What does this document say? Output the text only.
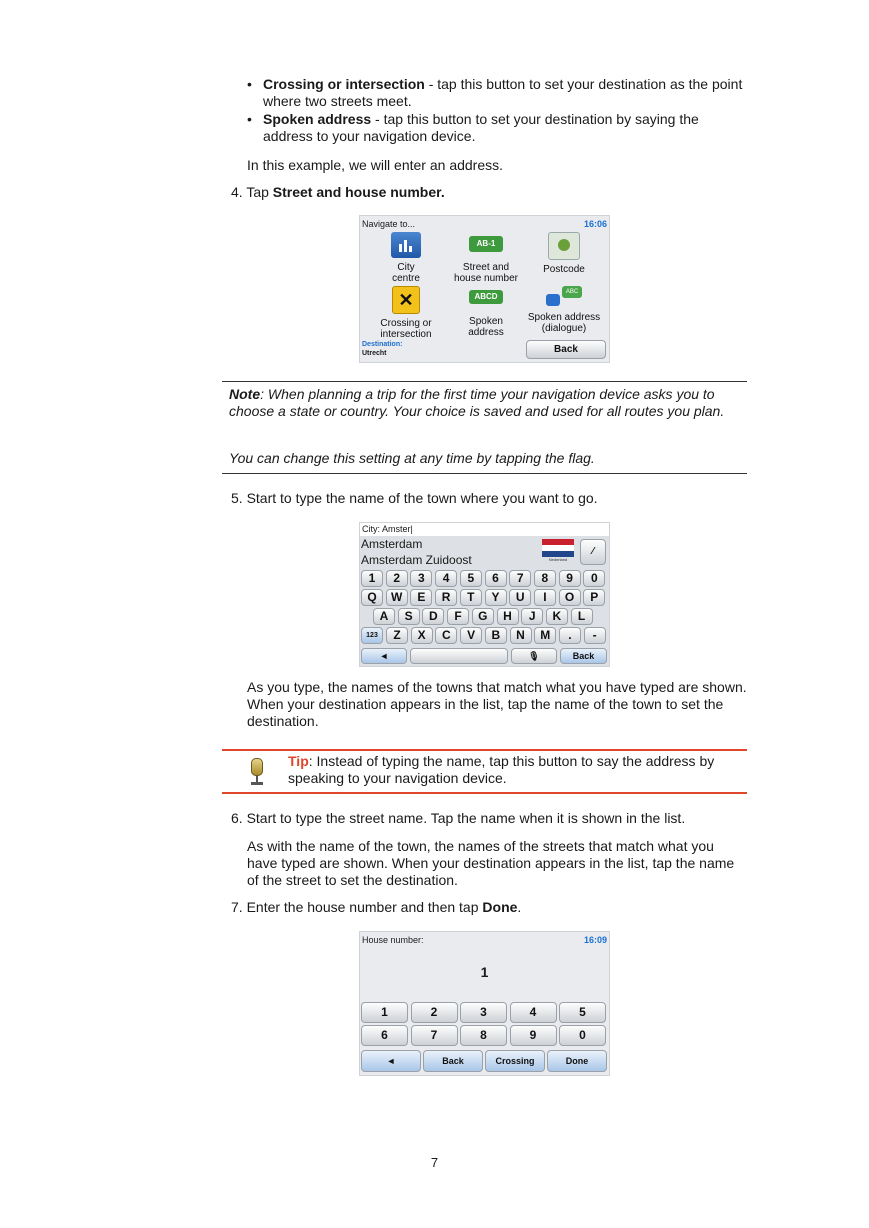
• Crossing or intersection - tap this button to set your destination as the point where two streets meet.
• Spoken address - tap this button to set your destination by saying the address to your navigation device.
In this example, we will enter an address.
4. Tap Street and house number.
Navigate to...	16:06
City
centre
AB-1
Street and
house number
Postcode
✕
Crossing or
intersection
ABCD
Spoken
address
ABC
Spoken address
(dialogue)
Destination:
Utrecht	Back
Note: When planning a trip for the first time your navigation device asks you to choose a state or country. Your choice is saved and used for all routes you plan.
You can change this setting at any time by tapping the flag.
5. Start to type the name of the town where you want to go.
City: Amster|
Amsterdam
Amsterdam Zuidoost	Nederland
⁄
1	2	3	4	5	6	7	8	9	0
Q	W	E	R	T	Y	U	I	O	P
A	S	D	F	G	H	J	K	L
Z	X	C	V	B	N	M	.	-
123
◄	🎙	Back
As you type, the names of the towns that match what you have typed are shown. When your destination appears in the list, tap the name of the town to set the destination.
Tip: Instead of typing the name, tap this button to say the address by speaking to your navigation device.
6. Start to type the street name. Tap the name when it is shown in the list.
As with the name of the town, the names of the streets that match what you have typed are shown. When your destination appears in the list, tap the name of the street to set the destination.
7. Enter the house number and then tap Done.
House number:	16:09
1
1	2	3	4	5
6	7	8	9	0
◄	Back	Crossing	Done
7
